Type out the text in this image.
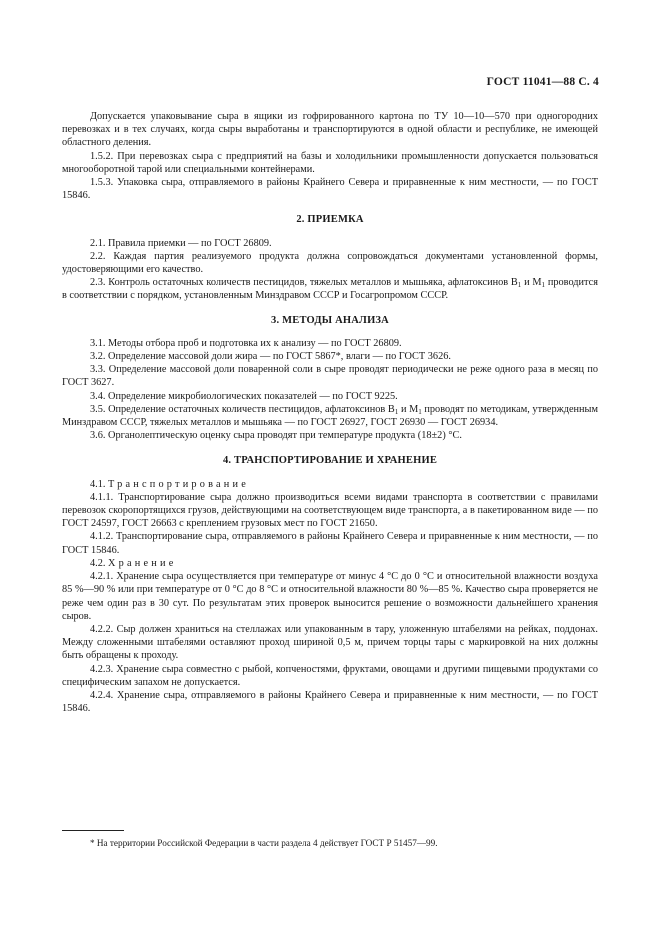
ГОСТ 11041—88 С. 4

Допускается упаковывание сыра в ящики из гофрированного картона по ТУ 10—10—570 при одногородних перевозках и в тех случаях, когда сыры выработаны и транспортируются в одной области и республике, не имеющей областного деления.

1.5.2. При перевозках сыра с предприятий на базы и холодильники промышленности допускается пользоваться многооборотной тарой или специальными контейнерами.

1.5.3. Упаковка сыра, отправляемого в районы Крайнего Севера и приравненные к ним местности, — по ГОСТ 15846.

2. ПРИЕМКА

2.1. Правила приемки — по ГОСТ 26809.

2.2. Каждая партия реализуемого продукта должна сопровождаться документами установленной формы, удостоверяющими его качество.

2.3. Контроль остаточных количеств пестицидов, тяжелых металлов и мышьяка, афлатоксинов $B_1$ и $M_1$ проводится в соответствии с порядком, установленным Минздравом СССР и Госагропромом СССР.

3. МЕТОДЫ АНАЛИЗА

3.1. Методы отбора проб и подготовка их к анализу — по ГОСТ 26809.

3.2. Определение массовой доли жира — по ГОСТ 5867*, влаги — по ГОСТ 3626.

3.3. Определение массовой доли поваренной соли в сыре проводят периодически не реже одного раза в месяц по ГОСТ 3627.

3.4. Определение микробиологических показателей — по ГОСТ 9225.

3.5. Определение остаточных количеств пестицидов, афлатоксинов $B_1$ и $M_1$ проводят по методикам, утвержденным Минздравом СССР, тяжелых металлов и мышьяка — по ГОСТ 26927, ГОСТ 26930 — ГОСТ 26934.

3.6. Органолептическую оценку сыра проводят при температуре продукта (18±2) °С.

4. ТРАНСПОРТИРОВАНИЕ И ХРАНЕНИЕ

4.1. Транспортирование

4.1.1. Транспортирование сыра должно производиться всеми видами транспорта в соответствии с правилами перевозок скоропортящихся грузов, действующими на соответствующем виде транспорта, а в пакетированном виде — по ГОСТ 24597, ГОСТ 26663 с креплением грузовых мест по ГОСТ 21650.

4.1.2. Транспортирование сыра, отправляемого в районы Крайнего Севера и приравненные к ним местности, — по ГОСТ 15846.

4.2. Хранение

4.2.1. Хранение сыра осуществляется при температуре от минус 4 °С до 0 °С и относительной влажности воздуха 85 %—90 % или при температуре от 0 °С до 8 °С и относительной влажности 80 %—85 %. Качество сыра проверяется не реже чем один раз в 30 сут. По результатам этих проверок выносится решение о возможности дальнейшего хранения сыров.

4.2.2. Сыр должен храниться на стеллажах или упакованным в тару, уложенную штабелями на рейках, поддонах. Между сложенными штабелями оставляют проход шириной 0,5 м, причем торцы тары с маркировкой на них должны быть обращены к проходу.

4.2.3. Хранение сыра совместно с рыбой, копченостями, фруктами, овощами и другими пищевыми продуктами со специфическим запахом не допускается.

4.2.4. Хранение сыра, отправляемого в районы Крайнего Севера и приравненные к ним местности, — по ГОСТ 15846.

* На территории Российской Федерации в части раздела 4 действует ГОСТ Р 51457—99.
